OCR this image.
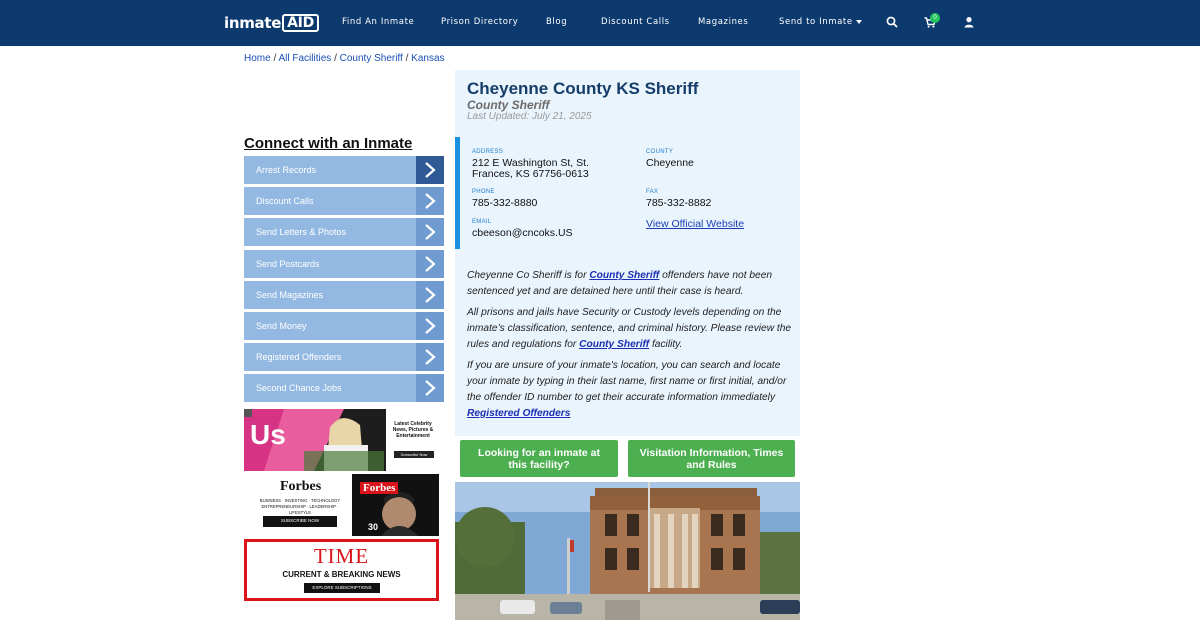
inmate AID	Find An Inmate	Prison Directory	Blog	Discount Calls	Magazines	Send to Inmate	0
Home / All Facilities / County Sheriff / Kansas
Connect with an Inmate
Arrest Records
Discount Calls
Send Letters & Photos
Send Postcards
Send Magazines
Send Money
Registered Offenders
Second Chance Jobs
Us	Latest Celebrity News, Pictures & Entertainment
Subscribe Now
Forbes
BUSINESS · INVESTING · TECHNOLOGY ENTREPRENEURSHIP · LEADERSHIP · LIFESTYLE
SUBSCRIBE NOW
Forbes
30
TIME
CURRENT & BREAKING NEWS
EXPLORE SUBSCRIPTIONS
Cheyenne County KS Sheriff
County Sheriff
Last Updated: July 21, 2025
ADDRESS
212 E Washington St, St.
Frances, KS 67756-0613
COUNTY
Cheyenne
PHONE
785-332-8880
FAX
785-332-8882
EMAIL
cbeeson@cncoks.US
View Official Website

Cheyenne Co Sheriff is for County Sheriff offenders have not been sentenced yet and are detained here until their case is heard.

All prisons and jails have Security or Custody levels depending on the inmate’s classification, sentence, and criminal history. Please review the rules and regulations for County Sheriff facility.

If you are unsure of your inmate's location, you can search and locate your inmate by typing in their last name, first name or first initial, and/or the offender ID number to get their accurate information immediately Registered Offenders

Looking for an inmate at this facility?
Visitation Information, Times and Rules
